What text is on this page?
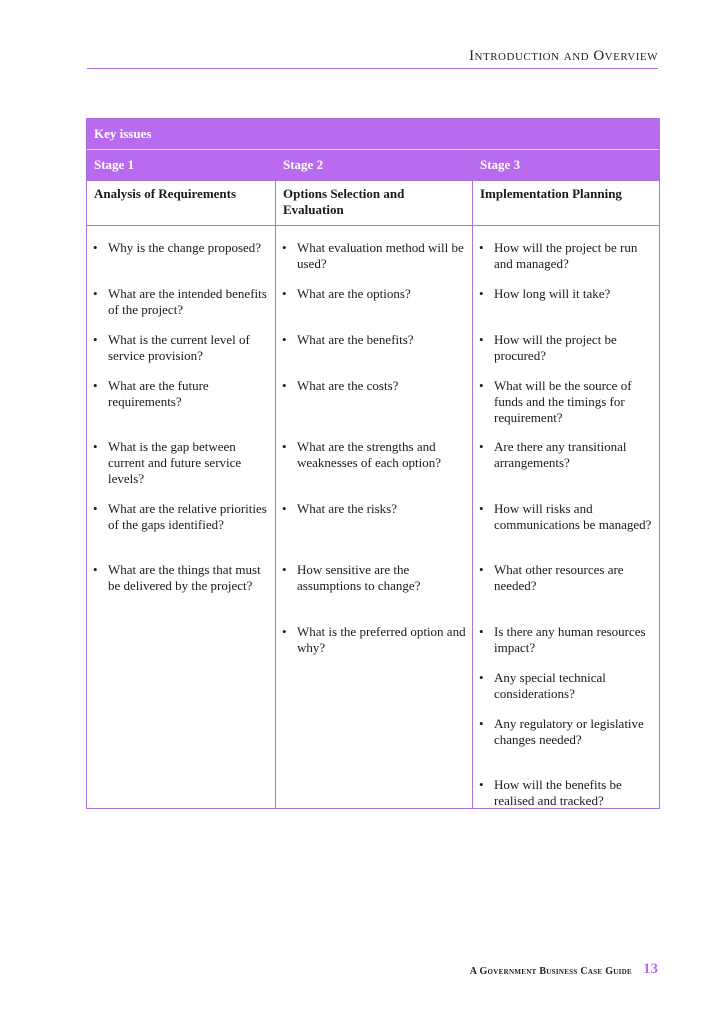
Introduction and Overview
Key issues
Stage 1
Analysis of Requirements
• Why is the change proposed?
• What are the intended benefits of the project?
• What is the current level of service provision?
• What are the future requirements?
• What is the gap between current and future service levels?
• What are the relative priorities of the gaps identified?
• What are the things that must be delivered by the project?
Stage 2
Options Selection and Evaluation
• What evaluation method will be used?
• What are the options?
• What are the benefits?
• What are the costs?
• What are the strengths and weaknesses of each option?
• What are the risks?
• How sensitive are the assumptions to change?
• What is the preferred option and why?
Stage 3
Implementation Planning
• How will the project be run and managed?
• How long will it take?
• How will the project be procured?
• What will be the source of funds and the timings for requirement?
• Are there any transitional arrangements?
• How will risks and communications be managed?
• What other resources are needed?
• Is there any human resources impact?
• Any special technical considerations?
• Any regulatory or legislative changes needed?
• How will the benefits be realised and tracked?
A Government Business Case Guide 13
